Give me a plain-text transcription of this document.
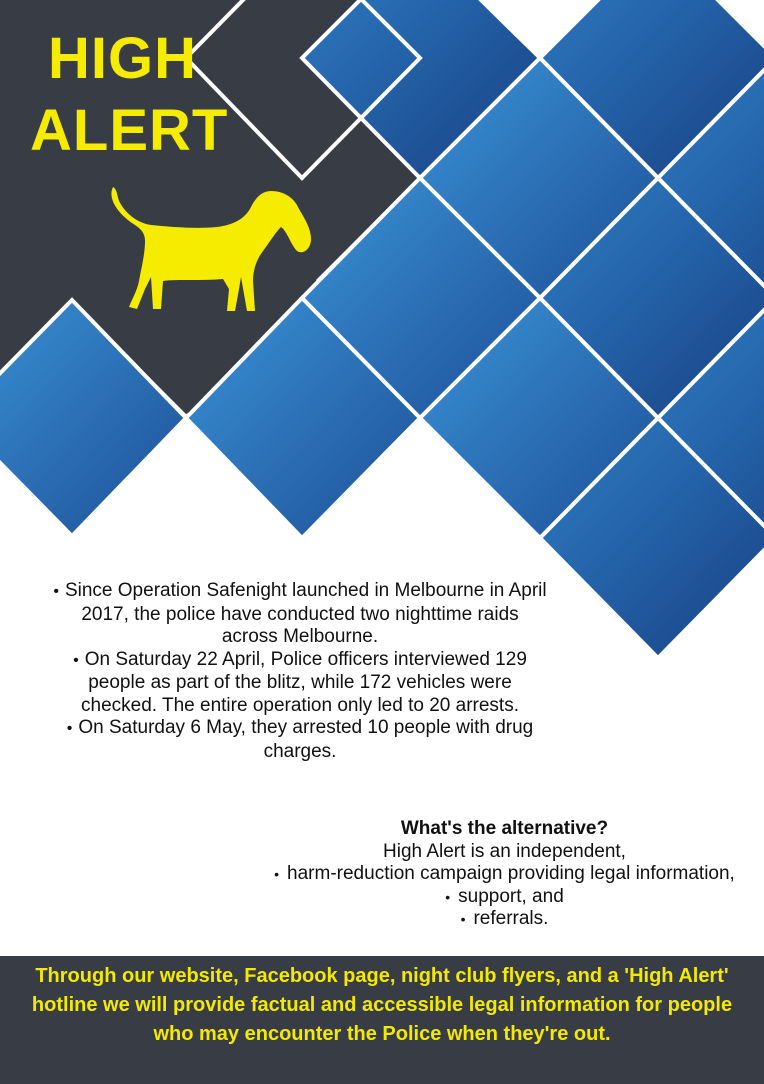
HIGH
ALERT
• Since Operation Safenight launched in Melbourne in April
2017, the police have conducted two nighttime raids
across Melbourne.
• On Saturday 22 April, Police officers interviewed 129
people as part of the blitz, while 172 vehicles were
checked. The entire operation only led to 20 arrests.
• On Saturday 6 May, they arrested 10 people with drug
charges.
What's the alternative?
High Alert is an independent,
• harm-reduction campaign providing legal information,
• support, and
• referrals.

Through our website, Facebook page, night club flyers, and a 'High Alert' hotline we will provide factual and accessible legal information for people who may encounter the Police when they're out.
